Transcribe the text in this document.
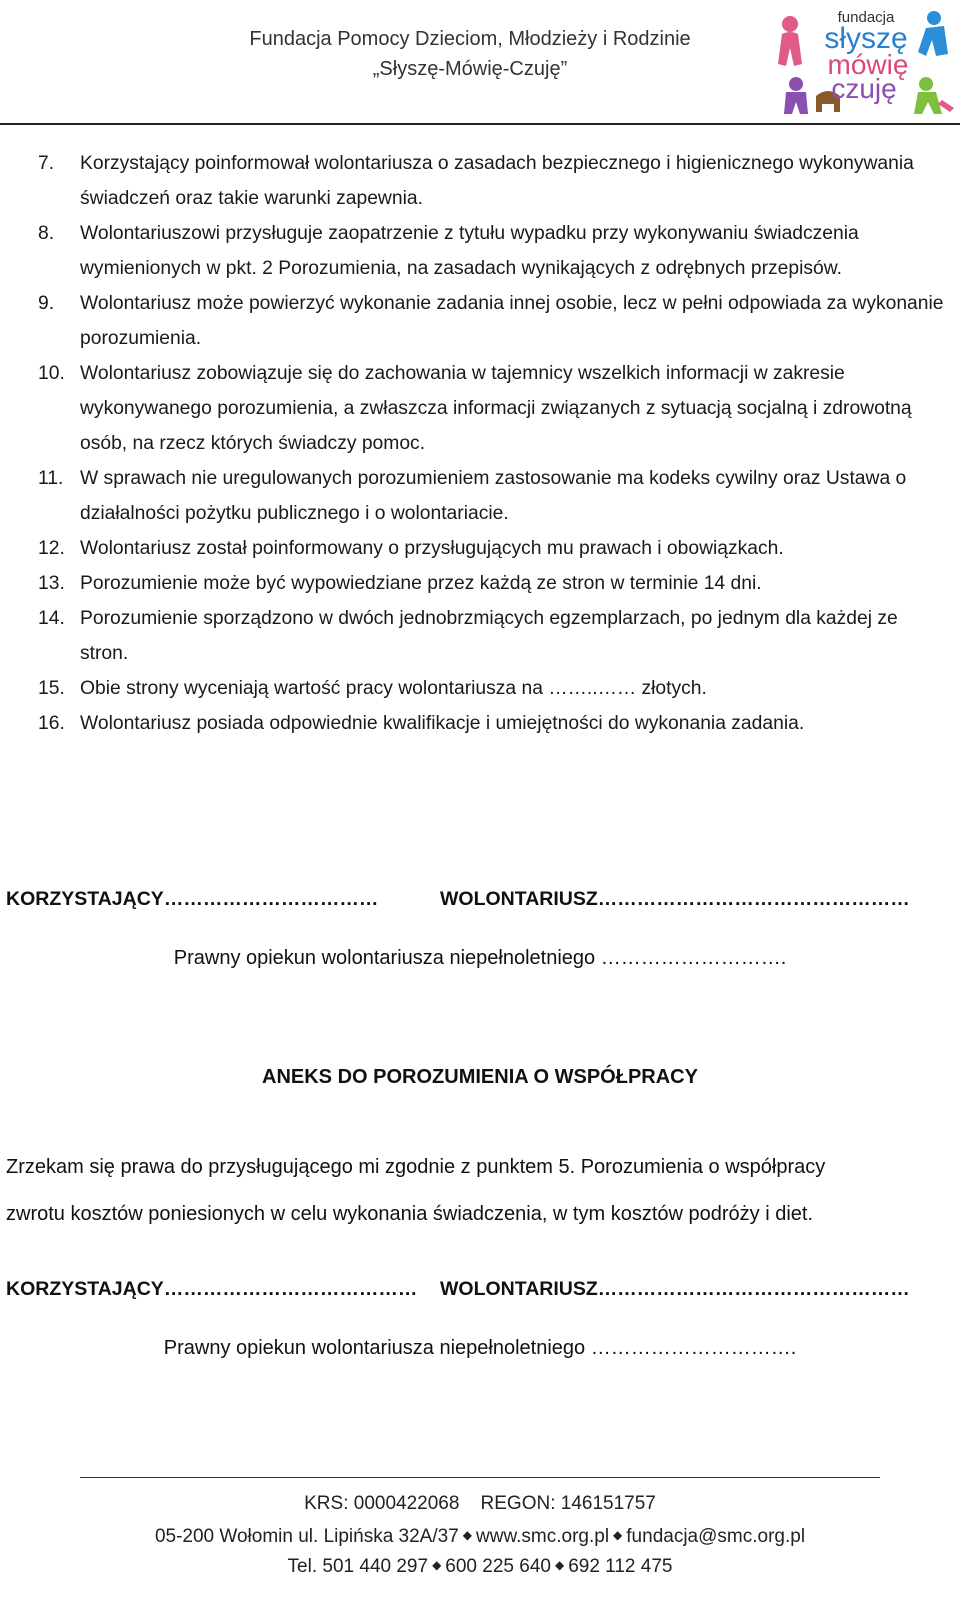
Fundacja Pomocy Dzieciom, Młodzieży i Rodzinie
„Słyszę-Mówię-Czuję”
fundacja
słyszę
mówię
czuję
7. Korzystający poinformował wolontariusza o zasadach bezpiecznego i higienicznego wykonywania świadczeń oraz takie warunki zapewnia.
8. Wolontariuszowi przysługuje zaopatrzenie z tytułu wypadku przy wykonywaniu świadczenia wymienionych w pkt. 2 Porozumienia, na zasadach wynikających z odrębnych przepisów.
9. Wolontariusz może powierzyć wykonanie zadania innej osobie, lecz w pełni odpowiada za wykonanie porozumienia.
10. Wolontariusz zobowiązuje się do zachowania w tajemnicy wszelkich informacji w zakresie wykonywanego porozumienia, a zwłaszcza informacji związanych z sytuacją socjalną i zdrowotną osób, na rzecz których świadczy pomoc.
11. W sprawach nie uregulowanych porozumieniem zastosowanie ma kodeks cywilny oraz Ustawa o działalności pożytku publicznego i o wolontariacie.
12. Wolontariusz został poinformowany o przysługujących mu prawach i obowiązkach.
13. Porozumienie może być wypowiedziane przez każdą ze stron w terminie 14 dni.
14. Porozumienie sporządzono w dwóch jednobrzmiących egzemplarzach, po jednym dla każdej ze stron.
15. Obie strony wyceniają wartość pracy wolontariusza na ……..…… złotych.
16. Wolontariusz posiada odpowiednie kwalifikacje i umiejętności do wykonania zadania.
KORZYSTAJĄCY……………………………	WOLONTARIUSZ…………………………………………
Prawny opiekun wolontariusza niepełnoletniego ……………………….
ANEKS DO POROZUMIENIA O WSPÓŁPRACY
Zrzekam się prawa do przysługującego mi zgodnie z punktem 5. Porozumienia o współpracy
zwrotu kosztów poniesionych w celu wykonania świadczenia, w tym kosztów podróży i diet.
KORZYSTAJĄCY………………………………… WOLONTARIUSZ…………………………………………
Prawny opiekun wolontariusza niepełnoletniego ………………………….
KRS: 0000422068    REGON: 146151757
05-200 Wołomin ul. Lipińska 32A/37 ◆ www.smc.org.pl ◆ fundacja@smc.org.pl
Tel. 501 440 297 ◆ 600 225 640 ◆ 692 112 475
